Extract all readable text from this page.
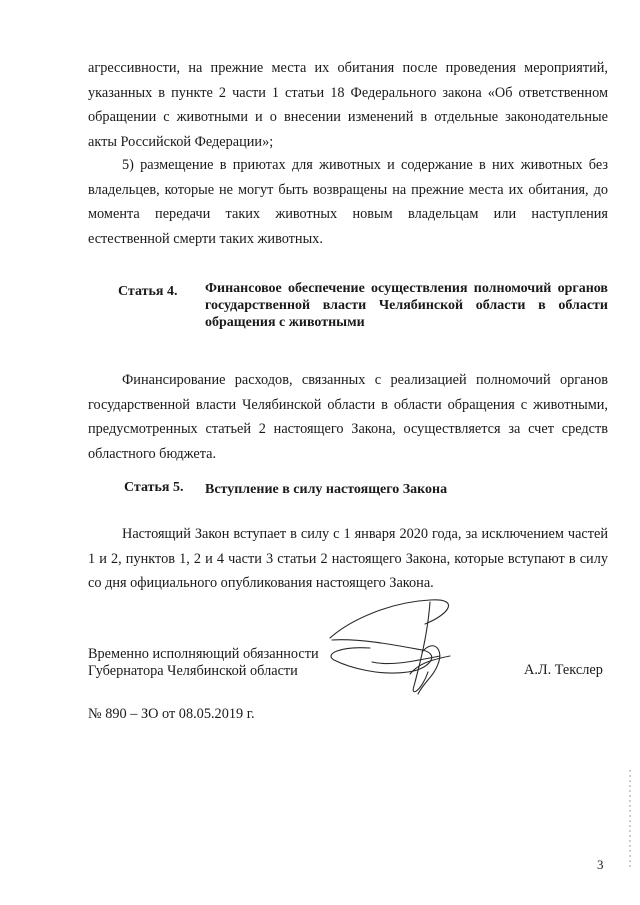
агрессивности, на прежние места их обитания после проведения мероприятий, указанных в пункте 2 части 1 статьи 18 Федерального закона «Об ответственном обращении с животными и о внесении изменений в отдельные законодательные акты Российской Федерации»;
5) размещение в приютах для животных и содержание в них животных без владельцев, которые не могут быть возвращены на прежние места их обитания, до момента передачи таких животных новым владельцам или наступления естественной смерти таких животных.
Статья 4. Финансовое обеспечение осуществления полномочий органов государственной власти Челябинской области в области обращения с животными
Финансирование расходов, связанных с реализацией полномочий органов государственной власти Челябинской области в области обращения с животными, предусмотренных статьей 2 настоящего Закона, осуществляется за счет средств областного бюджета.
Статья 5. Вступление в силу настоящего Закона
Настоящий Закон вступает в силу с 1 января 2020 года, за исключением частей 1 и 2, пунктов 1, 2 и 4 части 3 статьи 2 настоящего Закона, которые вступают в силу со дня официального опубликования настоящего Закона.
Временно исполняющий обязанности
Губернатора Челябинской области	А.Л. Текслер
№ 890 – ЗО от 08.05.2019 г.
3
